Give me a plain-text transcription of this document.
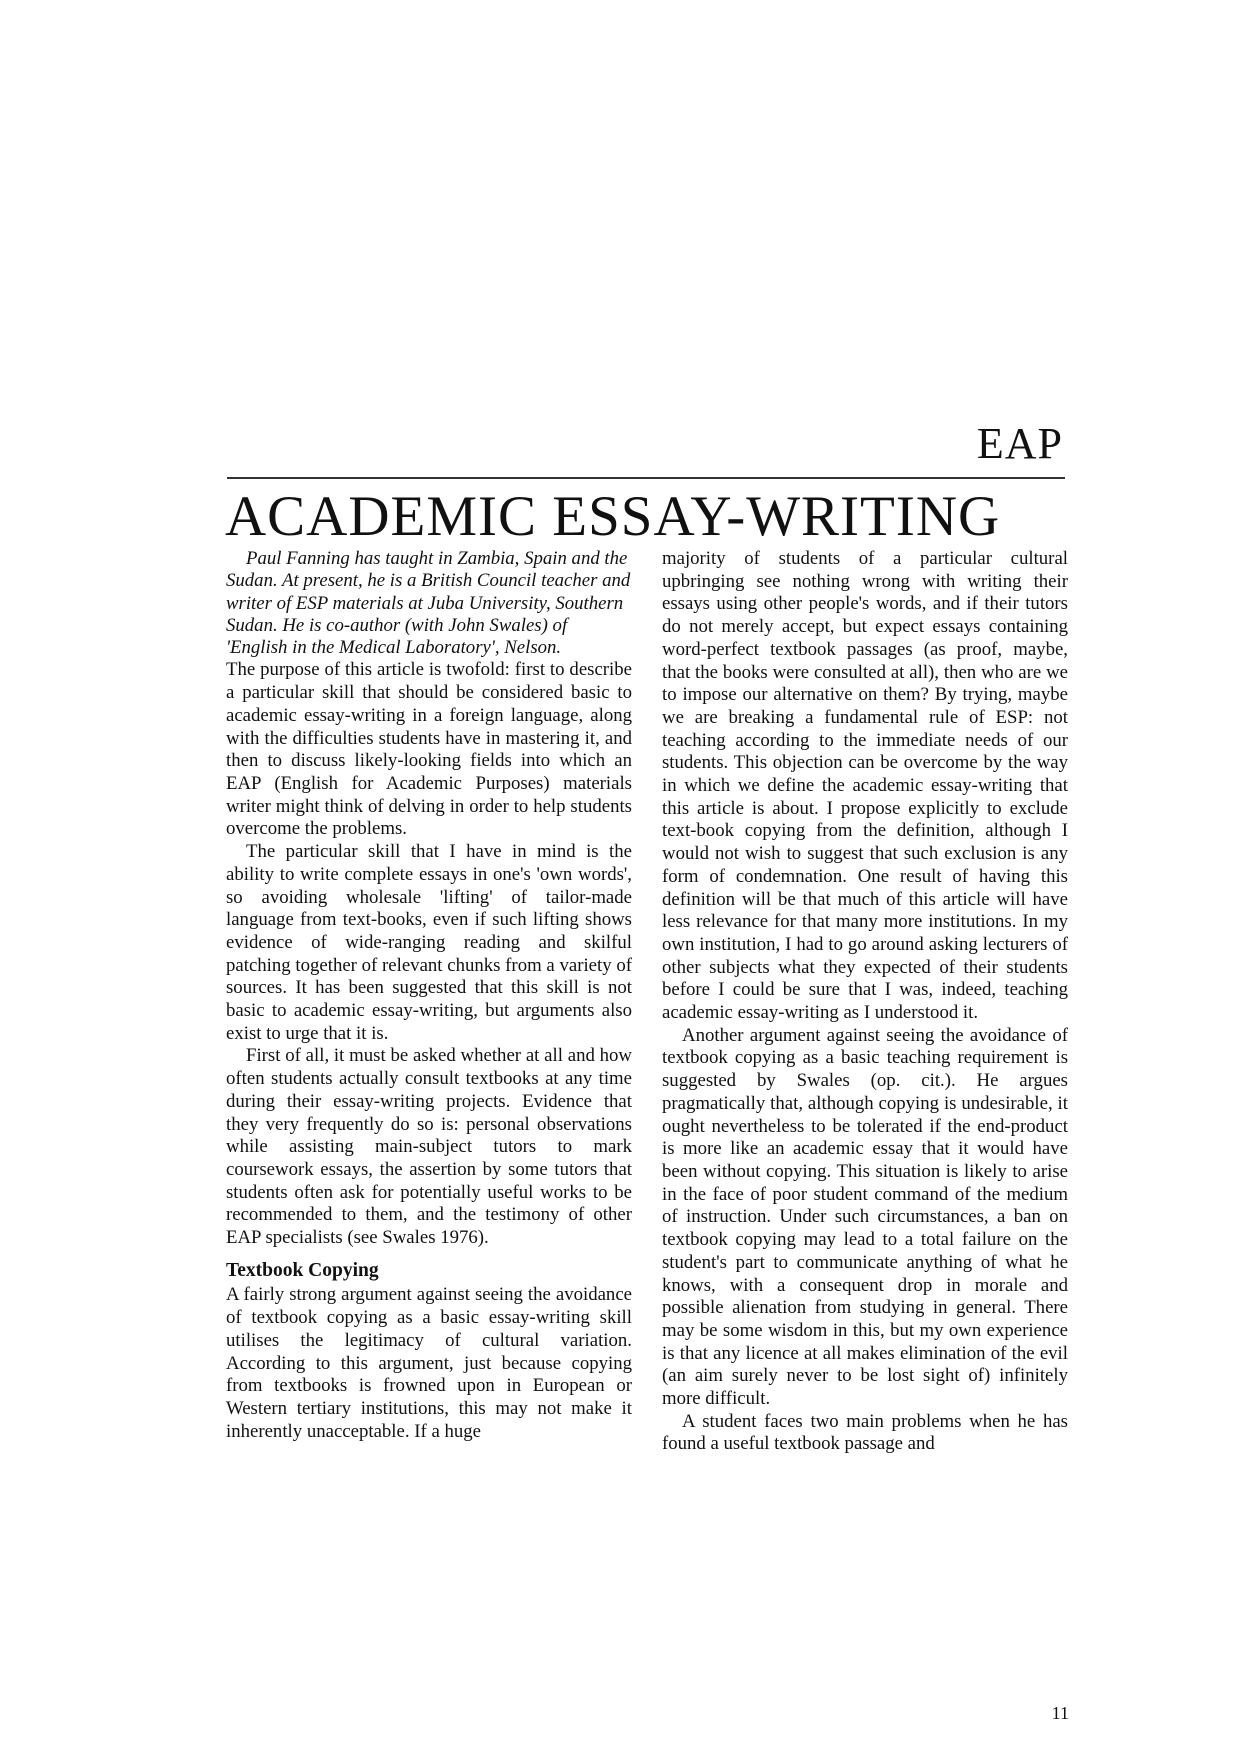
EAP
ACADEMIC ESSAY-WRITING

Paul Fanning has taught in Zambia, Spain and the Sudan. At present, he is a British Council teacher and writer of ESP materials at Juba University, Southern Sudan. He is co-author (with John Swales) of 'English in the Medical Laboratory', Nelson.

The purpose of this article is twofold: first to describe a particular skill that should be considered basic to academic essay-writing in a foreign language, along with the difficulties students have in mastering it, and then to discuss likely-looking fields into which an EAP (English for Academic Purposes) materials writer might think of delving in order to help students overcome the problems.

The particular skill that I have in mind is the ability to write complete essays in one's 'own words', so avoiding wholesale 'lifting' of tailor-made language from text-books, even if such lifting shows evidence of wide-ranging reading and skilful patching together of relevant chunks from a variety of sources. It has been suggested that this skill is not basic to academic essay-writing, but arguments also exist to urge that it is.

First of all, it must be asked whether at all and how often students actually consult textbooks at any time during their essay-writing projects. Evidence that they very frequently do so is: personal observations while assisting main-subject tutors to mark coursework essays, the assertion by some tutors that students often ask for potentially useful works to be recommended to them, and the testimony of other EAP specialists (see Swales 1976).

Textbook Copying

A fairly strong argument against seeing the avoidance of textbook copying as a basic essay-writing skill utilises the legitimacy of cultural variation. According to this argument, just because copying from textbooks is frowned upon in European or Western tertiary institutions, this may not make it inherently unacceptable. If a huge

majority of students of a particular cultural upbringing see nothing wrong with writing their essays using other people's words, and if their tutors do not merely accept, but expect essays containing word-perfect textbook passages (as proof, maybe, that the books were consulted at all), then who are we to impose our alternative on them? By trying, maybe we are breaking a fundamental rule of ESP: not teaching according to the immediate needs of our students. This objection can be overcome by the way in which we define the academic essay-writing that this article is about. I propose explicitly to exclude text-book copying from the definition, although I would not wish to suggest that such exclusion is any form of condemnation. One result of having this definition will be that much of this article will have less relevance for that many more institutions. In my own institution, I had to go around asking lecturers of other subjects what they expected of their students before I could be sure that I was, indeed, teaching academic essay-writing as I understood it.

Another argument against seeing the avoidance of textbook copying as a basic teaching requirement is suggested by Swales (op. cit.). He argues pragmatically that, although copying is undesirable, it ought nevertheless to be tolerated if the end-product is more like an academic essay that it would have been without copying. This situation is likely to arise in the face of poor student command of the medium of instruction. Under such circumstances, a ban on textbook copying may lead to a total failure on the student's part to communicate anything of what he knows, with a consequent drop in morale and possible alienation from studying in general. There may be some wisdom in this, but my own experience is that any licence at all makes elimination of the evil (an aim surely never to be lost sight of) infinitely more difficult.

A student faces two main problems when he has found a useful textbook passage and

11
